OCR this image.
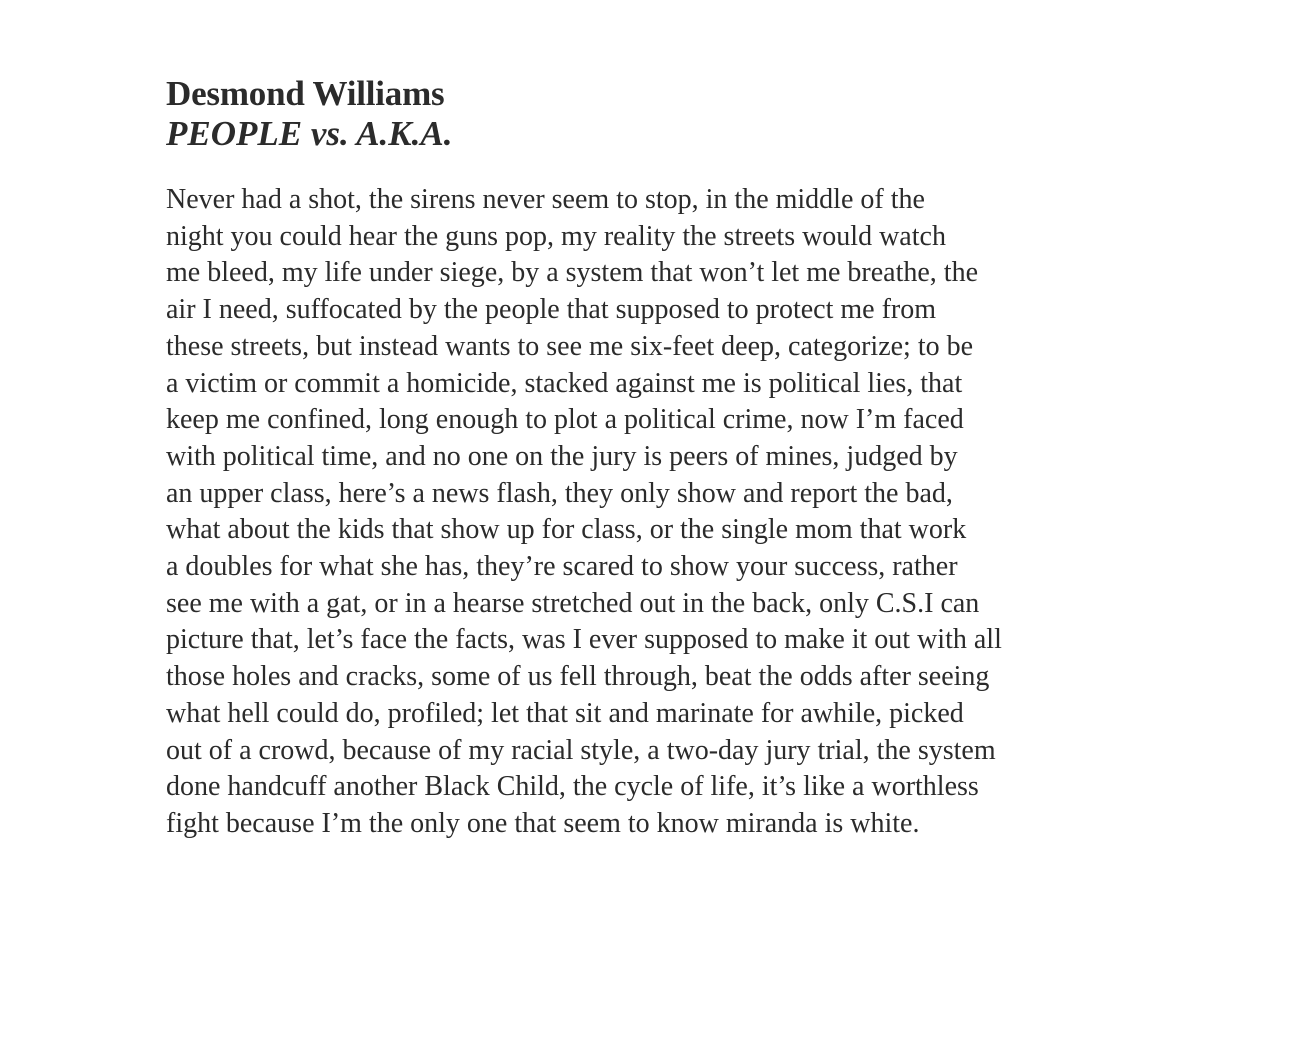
Desmond Williams
PEOPLE vs. A.K.A.
Never had a shot, the sirens never seem to stop, in the middle of the
night you could hear the guns pop, my reality the streets would watch
me bleed, my life under siege, by a system that won’t let me breathe, the
air I need, suffocated by the people that supposed to protect me from
these streets, but instead wants to see me six-feet deep, categorize; to be
a victim or commit a homicide, stacked against me is political lies, that
keep me confined, long enough to plot a political crime, now I’m faced
with political time, and no one on the jury is peers of mines, judged by
an upper class, here’s a news flash, they only show and report the bad,
what about the kids that show up for class, or the single mom that work
a doubles for what she has, they’re scared to show your success, rather
see me with a gat, or in a hearse stretched out in the back, only C.S.I can
picture that, let’s face the facts, was I ever supposed to make it out with all
those holes and cracks, some of us fell through, beat the odds after seeing
what hell could do, profiled; let that sit and marinate for awhile, picked
out of a crowd, because of my racial style, a two-day jury trial, the system
done handcuff another Black Child, the cycle of life, it’s like a worthless
fight because I’m the only one that seem to know miranda is white.
